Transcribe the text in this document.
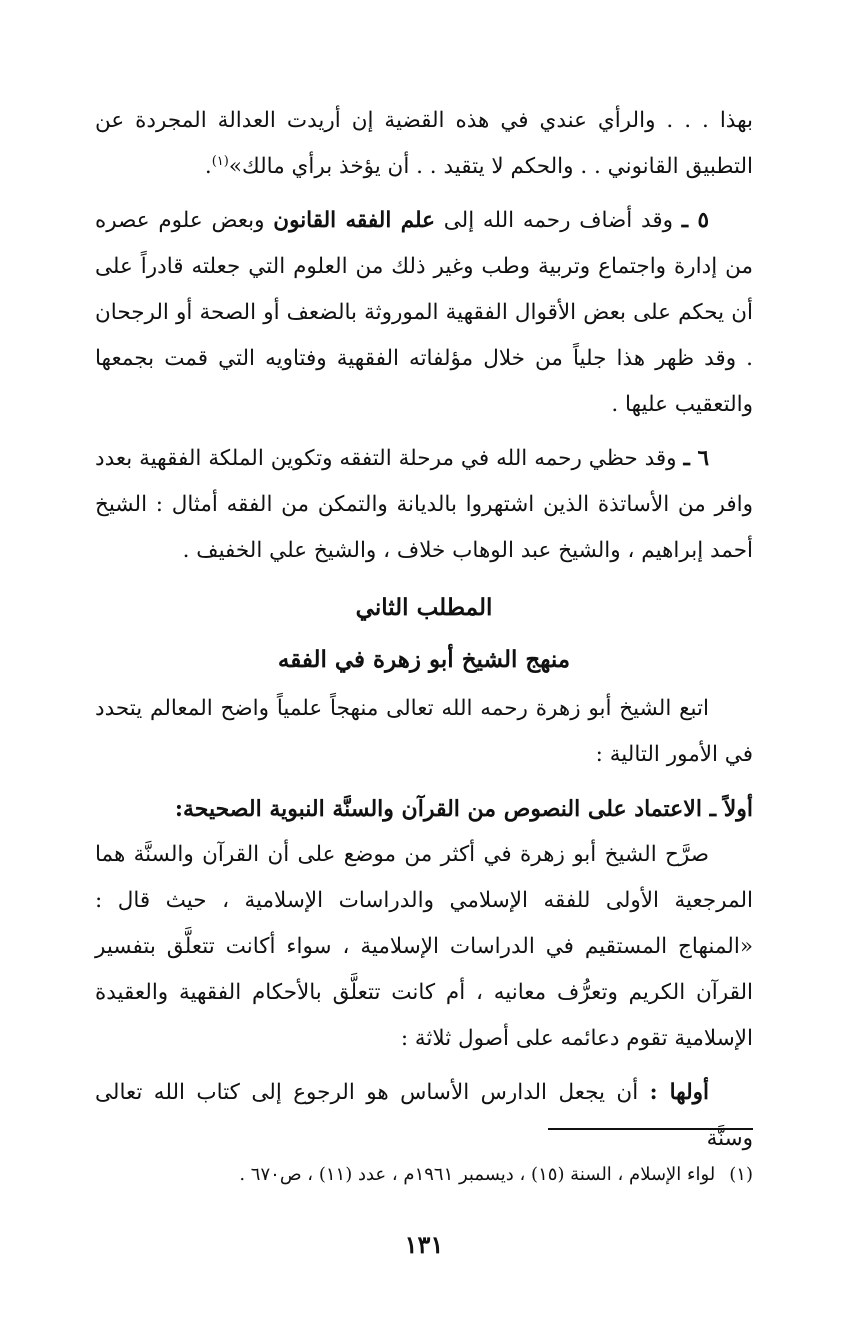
بهذا . . . والرأي عندي في هذه القضية إن أريدت العدالة المجردة عن التطبيق القانوني . . والحكم لا يتقيد . . أن يؤخذ برأي مالك»$^{(١)}$.

٥ ـ وقد أضاف رحمه الله إلى علم الفقه القانون وبعض علوم عصره من إدارة واجتماع وتربية وطب وغير ذلك من العلوم التي جعلته قادراً على أن يحكم على بعض الأقوال الفقهية الموروثة بالضعف أو الصحة أو الرجحان . وقد ظهر هذا جلياً من خلال مؤلفاته الفقهية وفتاويه التي قمت بجمعها والتعقيب عليها .

٦ ـ وقد حظي رحمه الله في مرحلة التفقه وتكوين الملكة الفقهية بعدد وافر من الأساتذة الذين اشتهروا بالديانة والتمكن من الفقه أمثال : الشيخ أحمد إبراهيم ، والشيخ عبد الوهاب خلاف ، والشيخ علي الخفيف .

المطلب الثاني
منهج الشيخ أبو زهرة في الفقه

اتبع الشيخ أبو زهرة رحمه الله تعالى منهجاً علمياً واضح المعالم يتحدد في الأمور التالية :

أولاً ـ الاعتماد على النصوص من القرآن والسنَّة النبوية الصحيحة:

صرَّح الشيخ أبو زهرة في أكثر من موضع على أن القرآن والسنَّة هما المرجعية الأولى للفقه الإسلامي والدراسات الإسلامية ، حيث قال : «المنهاج المستقيم في الدراسات الإسلامية ، سواء أكانت تتعلَّق بتفسير القرآن الكريم وتعرُّف معانيه ، أم كانت تتعلَّق بالأحكام الفقهية والعقيدة الإسلامية تقوم دعائمه على أصول ثلاثة :

أولها : أن يجعل الدارس الأساس هو الرجوع إلى كتاب الله تعالى وسنَّة

(١)لواء الإسلام ، السنة (١٥) ، ديسمبر ١٩٦١م ، عدد (١١) ، ص٦٧٠ .
١٣١
